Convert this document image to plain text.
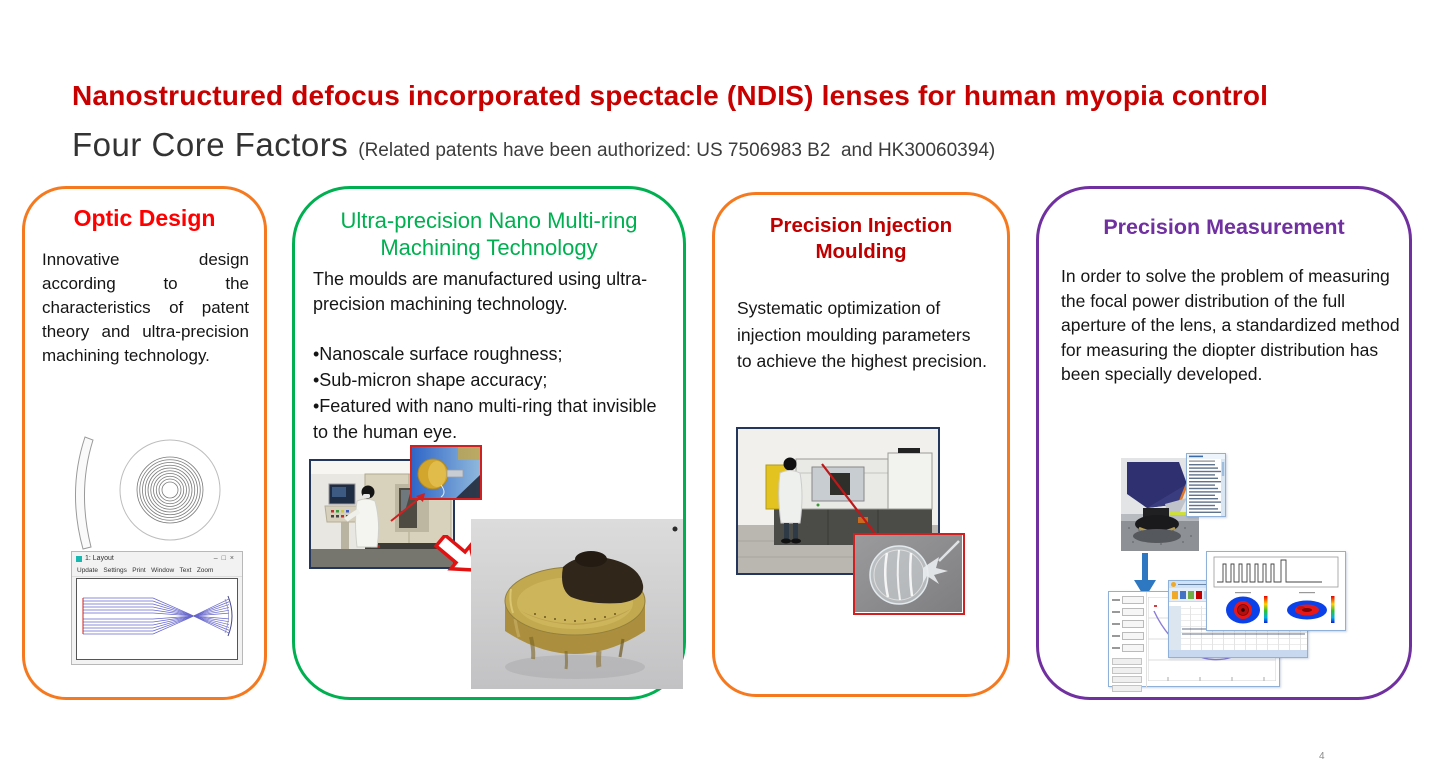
Nanostructured defocus incorporated spectacle (NDIS) lenses for human myopia control
Four Core Factors (Related patents have been authorized: US 7506983 B2  and HK30060394)
Optic Design

Innovative design according to the characteristics of patent theory and ultra-precision machining technology.

1: Layout	–□×
Update   Settings   Print   Window   Text   Zoom
Ultra-precision Nano Multi-ring Machining Technology

The moulds are manufactured using ultra-precision machining technology.

•Nanoscale surface roughness;
•Sub-micron shape accuracy;
•Featured with nano multi-ring that invisible to the human eye.
Precision Injection Moulding

Systematic optimization of injection moulding parameters to achieve the highest precision.

Precision Measurement

In order to solve the problem of measuring the focal power distribution of the full aperture of the lens, a standardized method for measuring the diopter distribution has been specially developed.

4
